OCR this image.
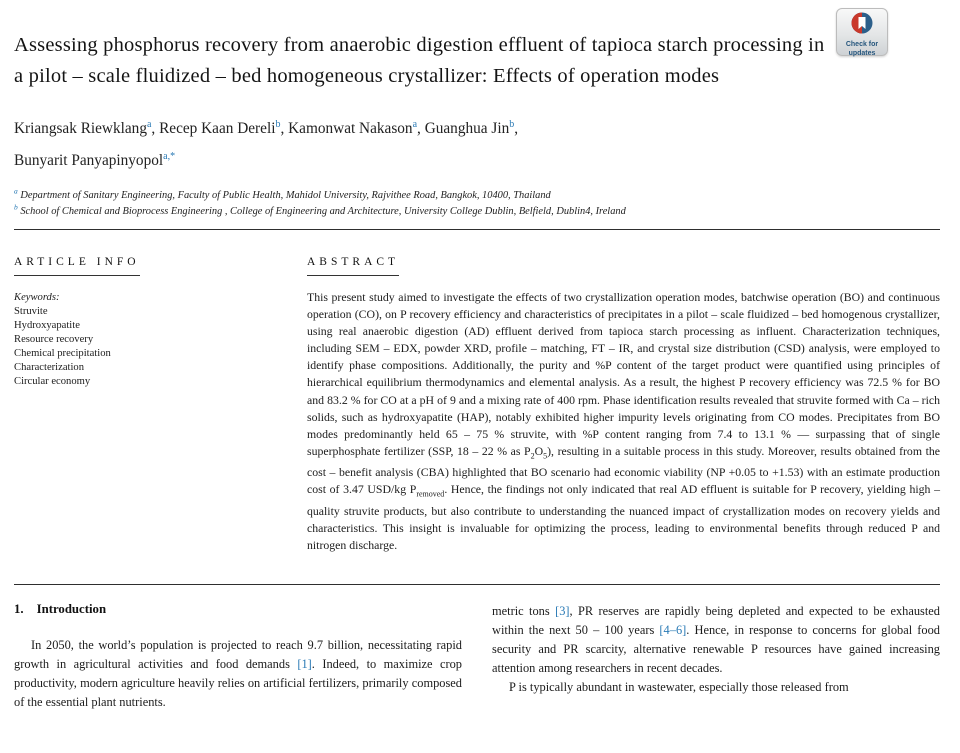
Check for
updates
Assessing phosphorus recovery from anaerobic digestion effluent of tapioca starch processing in a pilot – scale fluidized – bed homogeneous crystallizer: Effects of operation modes

Kriangsak Riewklang$^a$, Recep Kaan Dereli$^b$, Kamonwat Nakason$^a$, Guanghua Jin$^b$,
Bunyarit Panyapinyopol$^{a,*}$

$^a$ Department of Sanitary Engineering, Faculty of Public Health, Mahidol University, Rajvithee Road, Bangkok, 10400, Thailand

$^b$ School of Chemical and Bioprocess Engineering , College of Engineering and Architecture, University College Dublin, Belfield, Dublin4, Ireland

ARTICLE INFO

Keywords:

Struvite
Hydroxyapatite
Resource recovery
Chemical precipitation
Characterization
Circular economy
ABSTRACT

This present study aimed to investigate the effects of two crystallization operation modes, batchwise operation (BO) and continuous operation (CO), on P recovery efficiency and characteristics of precipitates in a pilot – scale fluidized – bed homogenous crystallizer, using real anaerobic digestion (AD) effluent derived from tapioca starch processing as influent. Characterization techniques, including SEM – EDX, powder XRD, profile – matching, FT – IR, and crystal size distribution (CSD) analysis, were employed to identify phase compositions. Additionally, the purity and %P content of the target product were quantified using principles of hierarchical equilibrium thermodynamics and elemental analysis. As a result, the highest P recovery efficiency was 72.5 % for BO and 83.2 % for CO at a pH of 9 and a mixing rate of 400 rpm. Phase identification results revealed that struvite formed with Ca – rich solids, such as hydroxyapatite (HAP), notably exhibited higher impurity levels originating from CO modes. Precipitates from BO modes predominantly held 65 – 75 % struvite, with %P content ranging from 7.4 to 13.1 % — surpassing that of single superphosphate fertilizer (SSP, 18 – 22 % as $P_2O_5$), resulting in a suitable process in this study. Moreover, results obtained from the cost – benefit analysis (CBA) highlighted that BO scenario had economic viability (NP +0.05 to +1.53) with an estimate production cost of 3.47 USD/kg $P_{removed}$. Hence, the findings not only indicated that real AD effluent is suitable for P recovery, yielding high – quality struvite products, but also contribute to understanding the nuanced impact of crystallization modes on recovery yields and characteristics. This insight is invaluable for optimizing the process, leading to environmental benefits through reduced P and nitrogen discharge.

1. Introduction

In 2050, the world’s population is projected to reach 9.7 billion, necessitating rapid growth in agricultural activities and food demands [1]. Indeed, to maximize crop productivity, modern agriculture heavily relies on artificial fertilizers, primarily composed of the essential plant nutrients.

metric tons [3], PR reserves are rapidly being depleted and expected to be exhausted within the next 50 – 100 years [4–6]. Hence, in response to concerns for global food security and PR scarcity, alternative renewable P resources have gained increasing attention among researchers in recent decades.

P is typically abundant in wastewater, especially those released from
